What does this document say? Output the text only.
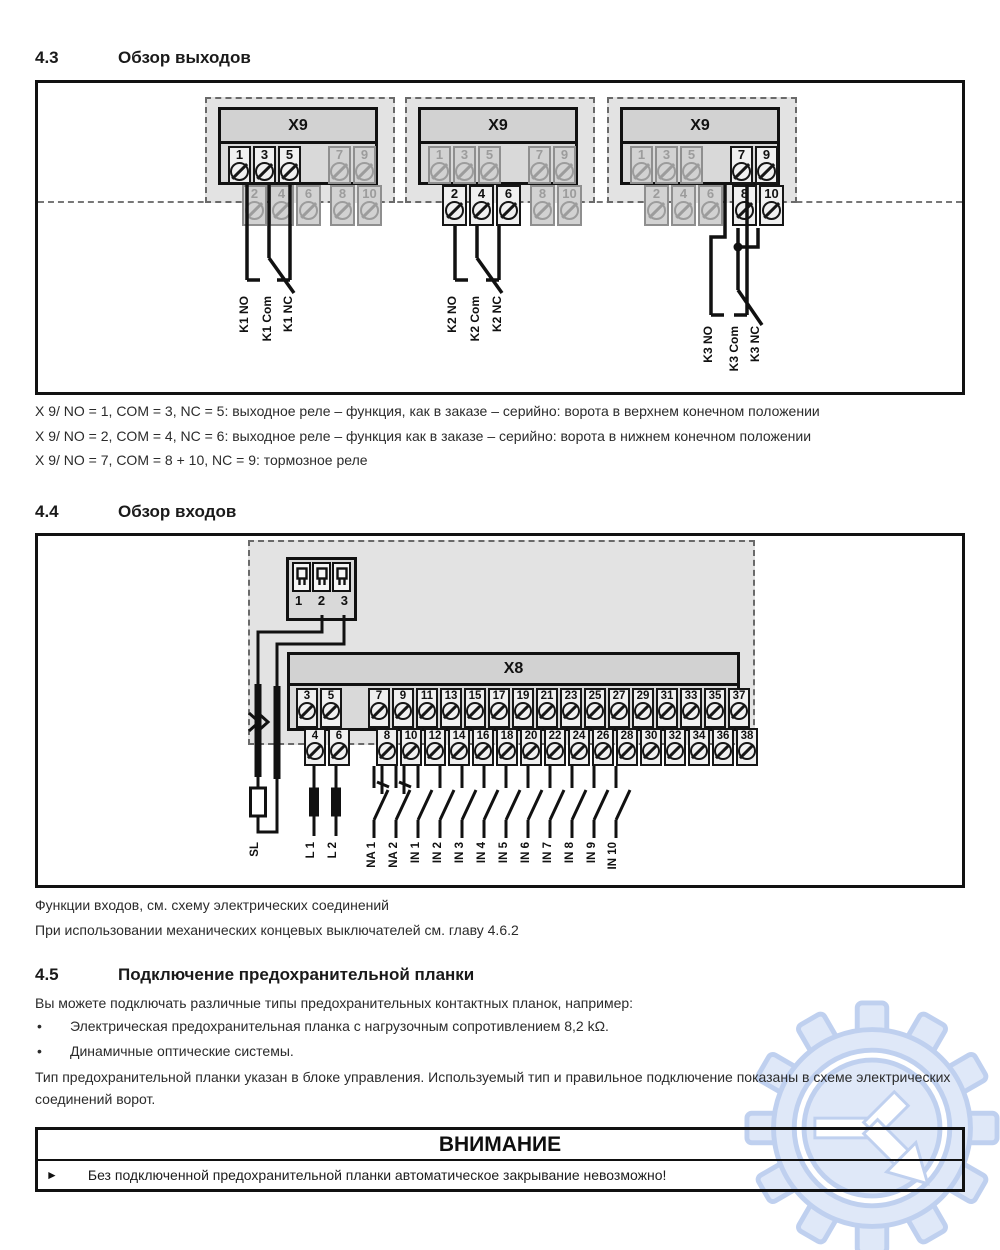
4.3	Обзор выходов
X9
1 3 5	7 9
2 4 6 8 10
K1 NO K1 Com K1 NC
X9
1 3 5	7 9
2 4 6 8 10
K2 NO K2 Com K2 NC
X9
1 3 5	7 9
2 4 6 8 10
K3 NO K3 Com K3 NC
X 9/ NO = 1, COM = 3, NC = 5: выходное реле – функция, как в заказе – серийно: ворота в верхнем конечном положении
X 9/ NO = 2, COM = 4, NC = 6: выходное реле – функция как в заказе – серийно: ворота в нижнем конечном положении
X 9/ NO = 7, COM = 8 + 10, NC = 9: тормозное реле
4.4	Обзор входов
1 2 3
X8
3 5	7 9 11 13 15 17 19 21 23 25 27 29 31 33 35 37
4 6	8 10 12 14 16 18 20 22 24 26 28 30 32 34 36 38
SL	L 1 L 2 NA 1 NA 2 IN 1 IN 2 IN 3 IN 4 IN 5 IN 6 IN 7 IN 8 IN 9 IN 10
Функции входов, см. схему электрических соединений
При использовании механических концевых выключателей см. главу 4.6.2
4.5	Подключение предохранительной планки
Вы можете подключать различные типы предохранительных контактных планок, например:
• Электрическая предохранительная планка с нагрузочным сопротивлением 8,2 kΩ.
• Динамичные оптические системы.
Тип предохранительной планки указан в блоке управления. Используемый тип и правильное подключение показаны в схеме электрических соединений ворот.
ВНИМАНИЕ
► Без подключенной предохранительной планки автоматическое закрывание невозможно!
